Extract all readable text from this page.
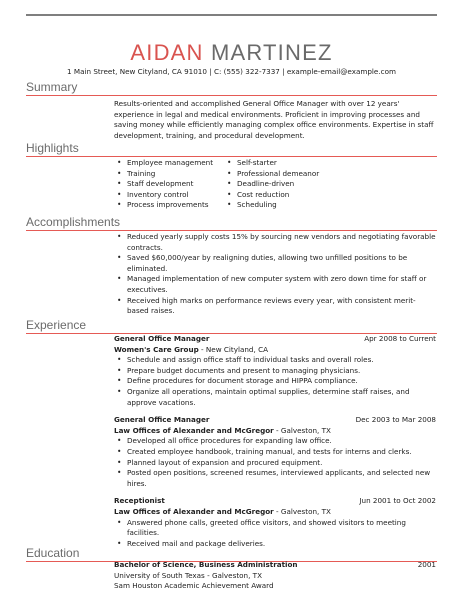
AIDAN MARTINEZ
1 Main Street, New Cityland, CA 91010 | C: (555) 322-7337 | example-email@example.com
Summary
Results-oriented and accomplished General Office Manager with over 12 years' experience in legal and medical environments. Proficient in improving processes and saving money while efficiently managing complex office environments. Expertise in staff development, training, and procedural development.
Highlights
• Employee management
• Training
• Staff development
• Inventory control
• Process improvements
• Self-starter
• Professional demeanor
• Deadline-driven
• Cost reduction
• Scheduling
Accomplishments
• Reduced yearly supply costs 15% by sourcing new vendors and negotiating favorable contracts.
• Saved $60,000/year by realigning duties, allowing two unfilled positions to be eliminated.
• Managed implementation of new computer system with zero down time for staff or executives.
• Received high marks on performance reviews every year, with consistent merit-based raises.
Experience
General Office Manager	Apr 2008 to Current
Women's Care Group - New Cityland, CA
• Schedule and assign office staff to individual tasks and overall roles.
• Prepare budget documents and present to managing physicians.
• Define procedures for document storage and HIPPA compliance.
• Organize all operations, maintain optimal supplies, determine staff raises, and approve vacations.
General Office Manager	Dec 2003 to Mar 2008
Law Offices of Alexander and McGregor - Galveston, TX
• Developed all office procedures for expanding law office.
• Created employee handbook, training manual, and tests for interns and clerks.
• Planned layout of expansion and procured equipment.
• Posted open positions, screened resumes, interviewed applicants, and selected new hires.
Receptionist	Jun 2001 to Oct 2002
Law Offices of Alexander and McGregor - Galveston, TX
• Answered phone calls, greeted office visitors, and showed visitors to meeting facilities.
• Received mail and package deliveries.
Education
Bachelor of Science, Business Administration	2001
University of South Texas - Galveston, TX
Sam Houston Academic Achievement Award
